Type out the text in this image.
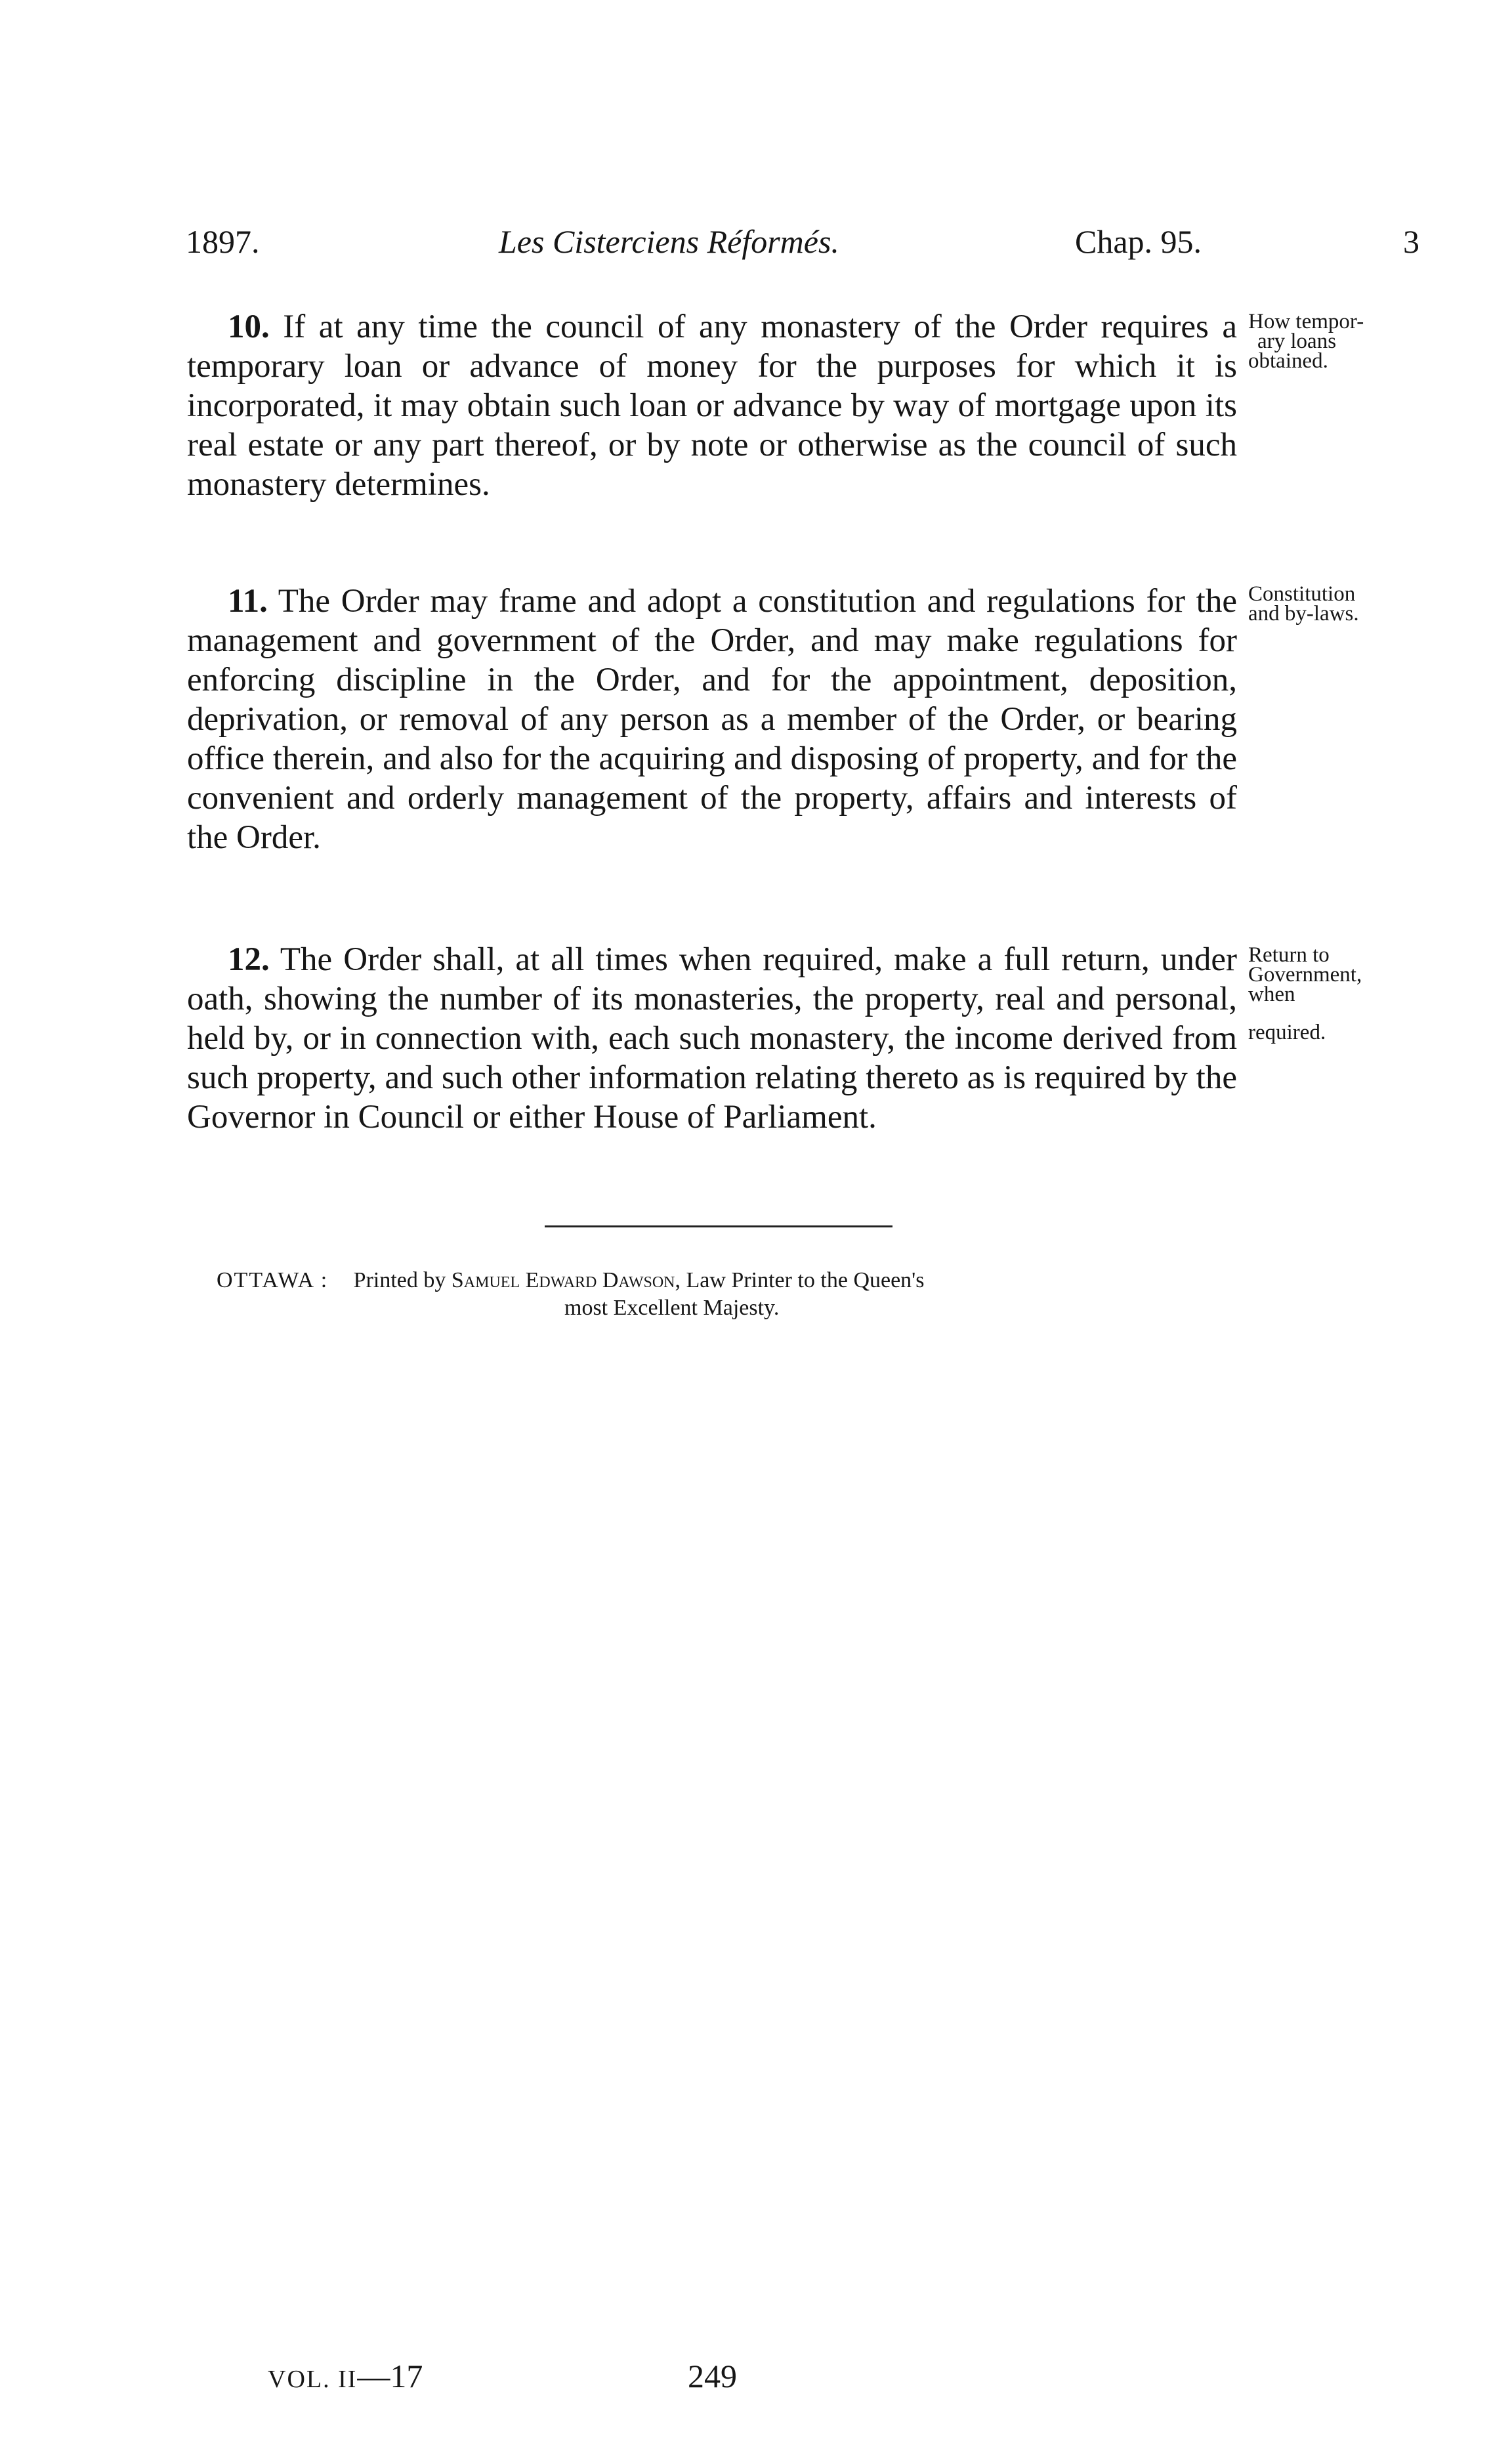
1897.	Les Cisterciens Réformés.	Chap. 95.	3

10. If at any time the council of any monastery of the Order requires a temporary loan or advance of money for the purposes for which it is incorporated, it may obtain such loan or advance by way of mortgage upon its real estate or any part thereof, or by note or otherwise as the council of such monastery determines.

How tempor-
ary loans
obtained.

11. The Order may frame and adopt a constitution and regulations for the management and government of the Order, and may make regulations for enforcing discipline in the Order, and for the appointment, deposition, deprivation, or removal of any person as a member of the Order, or bearing office therein, and also for the acquiring and disposing of property, and for the convenient and orderly management of the property, affairs and interests of the Order.

Constitution
and by-laws.

12. The Order shall, at all times when required, make a full return, under oath, showing the number of its monasteries, the property, real and personal, held by, or in connection with, each such monastery, the income derived from such property, and such other information relating thereto as is required by the Governor in Council or either House of Parliament.

Return to
Government,
when
required.
OTTAWA : Printed by Samuel Edward Dawson, Law Printer to the Queen's
most Excellent Majesty.
VOL. II—17	249
